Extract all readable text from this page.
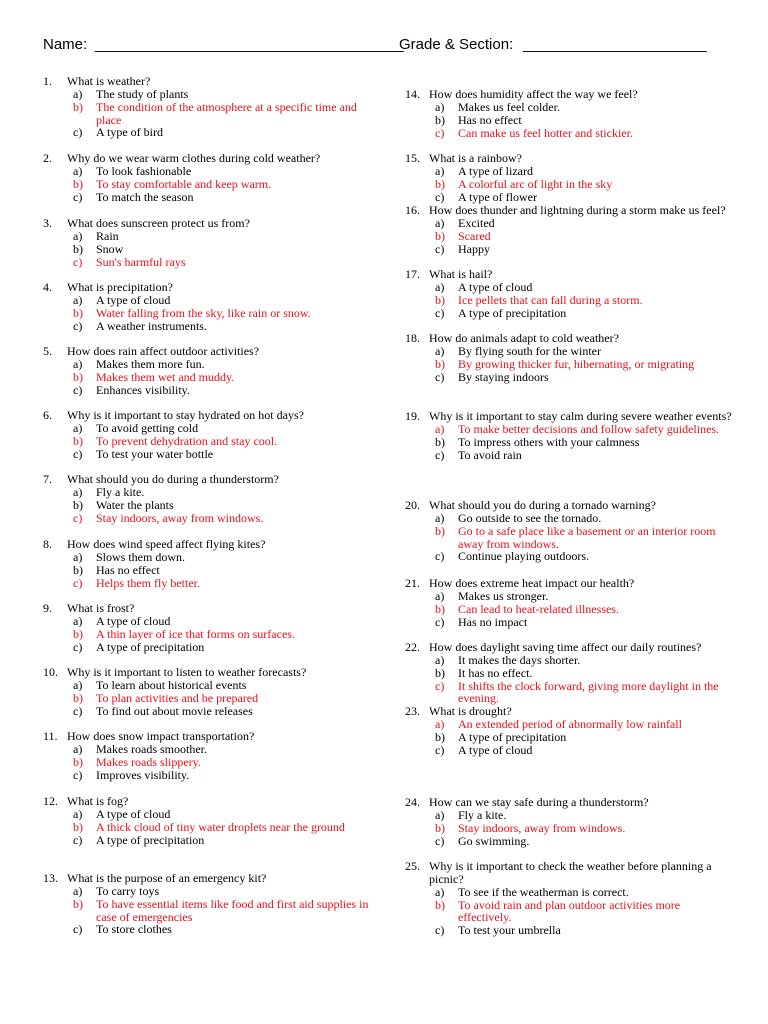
Name: _____________________________________
Grade & Section: ______________________
1.	What is weather?
a) The study of plants
b) The condition of the atmosphere at a specific time and place
c) A type of bird
2.	Why do we wear warm clothes during cold weather?
a) To look fashionable
b) To stay comfortable and keep warm.
c) To match the season
3.	What does sunscreen protect us from?
a) Rain
b) Snow
c) Sun's harmful rays
4.	What is precipitation?
a) A type of cloud
b) Water falling from the sky, like rain or snow.
c) A weather instruments.
5.	How does rain affect outdoor activities?
a) Makes them more fun.
b) Makes them wet and muddy.
c) Enhances visibility.
6.	Why is it important to stay hydrated on hot days?
a) To avoid getting cold
b) To prevent dehydration and stay cool.
c) To test your water bottle
7.	What should you do during a thunderstorm?
a) Fly a kite.
b) Water the plants
c) Stay indoors, away from windows.
8.	How does wind speed affect flying kites?
a) Slows them down.
b) Has no effect
c) Helps them fly better.
9.	What is frost?
a) A type of cloud
b) A thin layer of ice that forms on surfaces.
c) A type of precipitation
10. Why is it important to listen to weather forecasts?
a) To learn about historical events
b) To plan activities and be prepared
c) To find out about movie releases
11. How does snow impact transportation?
a) Makes roads smoother.
b) Makes roads slippery.
c) Improves visibility.
12. What is fog?
a) A type of cloud
b) A thick cloud of tiny water droplets near the ground
c) A type of precipitation
13. What is the purpose of an emergency kit?
a) To carry toys
b) To have essential items like food and first aid supplies in case of emergencies
c) To store clothes
14. How does humidity affect the way we feel?
a) Makes us feel colder.
b) Has no effect
c) Can make us feel hotter and stickier.
15. What is a rainbow?
a) A type of lizard
b) A colorful arc of light in the sky
c) A type of flower
16. How does thunder and lightning during a storm make us feel?
a) Excited
b) Scared
c) Happy
17. What is hail?
a) A type of cloud
b) Ice pellets that can fall during a storm.
c) A type of precipitation
18. How do animals adapt to cold weather?
a) By flying south for the winter
b) By growing thicker fur, hibernating, or migrating
c) By staying indoors
19. Why is it important to stay calm during severe weather events?
a) To make better decisions and follow safety guidelines.
b) To impress others with your calmness
c) To avoid rain
20. What should you do during a tornado warning?
a) Go outside to see the tornado.
b) Go to a safe place like a basement or an interior room away from windows.
c) Continue playing outdoors.
21. How does extreme heat impact our health?
a) Makes us stronger.
b) Can lead to heat-related illnesses.
c) Has no impact
22. How does daylight saving time affect our daily routines?
a) It makes the days shorter.
b) It has no effect.
c) It shifts the clock forward, giving more daylight in the evening.
23. What is drought?
a) An extended period of abnormally low rainfall
b) A type of precipitation
c) A type of cloud
24. How can we stay safe during a thunderstorm?
a) Fly a kite.
b) Stay indoors, away from windows.
c) Go swimming.
25. Why is it important to check the weather before planning a picnic?
a) To see if the weatherman is correct.
b) To avoid rain and plan outdoor activities more effectively.
c) To test your umbrella
